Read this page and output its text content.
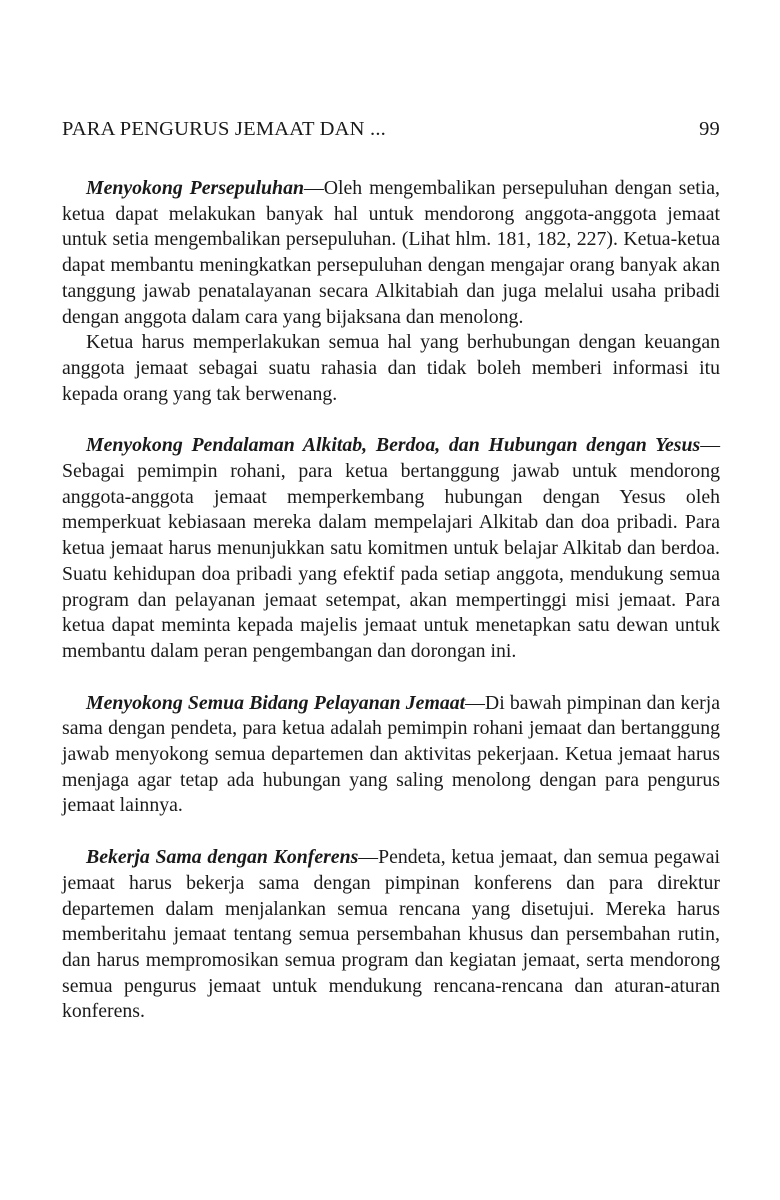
PARA PENGURUS JEMAAT DAN ...	99

Menyokong Persepuluhan—Oleh mengembalikan persepuluhan dengan setia, ketua dapat melakukan banyak hal untuk mendorong anggota-anggota jemaat untuk setia mengembalikan persepuluhan. (Lihat hlm. 181, 182, 227). Ketua-ketua dapat membantu meningkatkan persepuluhan dengan mengajar orang banyak akan tanggung jawab penatalayanan secara Alkitabiah dan juga melalui usaha pribadi dengan anggota dalam cara yang bijaksana dan menolong.

Ketua harus memperlakukan semua hal yang berhubungan dengan keuangan anggota jemaat sebagai suatu rahasia dan tidak boleh memberi informasi itu kepada orang yang tak berwenang.

Menyokong Pendalaman Alkitab, Berdoa, dan Hubungan dengan Yesus—Sebagai pemimpin rohani, para ketua bertanggung jawab untuk mendorong anggota-anggota jemaat memperkembang hubungan dengan Yesus oleh memperkuat kebiasaan mereka dalam mempelajari Alkitab dan doa pribadi. Para ketua jemaat harus menunjukkan satu komitmen untuk belajar Alkitab dan berdoa. Suatu kehidupan doa pribadi yang efektif pada setiap anggota, mendukung semua program dan pelayanan jemaat setempat, akan mempertinggi misi jemaat. Para ketua dapat meminta kepada majelis jemaat untuk menetapkan satu dewan untuk membantu dalam peran pengembangan dan dorongan ini.

Menyokong Semua Bidang Pelayanan Jemaat—Di bawah pimpinan dan kerja sama dengan pendeta, para ketua adalah pemimpin rohani jemaat dan bertanggung jawab menyokong semua departemen dan aktivitas pekerjaan. Ketua jemaat harus menjaga agar tetap ada hubungan yang saling menolong dengan para pengurus jemaat lainnya.

Bekerja Sama dengan Konferens—Pendeta, ketua jemaat, dan semua pegawai jemaat harus bekerja sama dengan pimpinan konferens dan para direktur departemen dalam menjalankan semua rencana yang disetujui. Mereka harus memberitahu jemaat tentang semua persembahan khusus dan persembahan rutin, dan harus mempromosikan semua program dan kegiatan jemaat, serta mendorong semua pengurus jemaat untuk mendukung rencana-rencana dan aturan-aturan konferens.
